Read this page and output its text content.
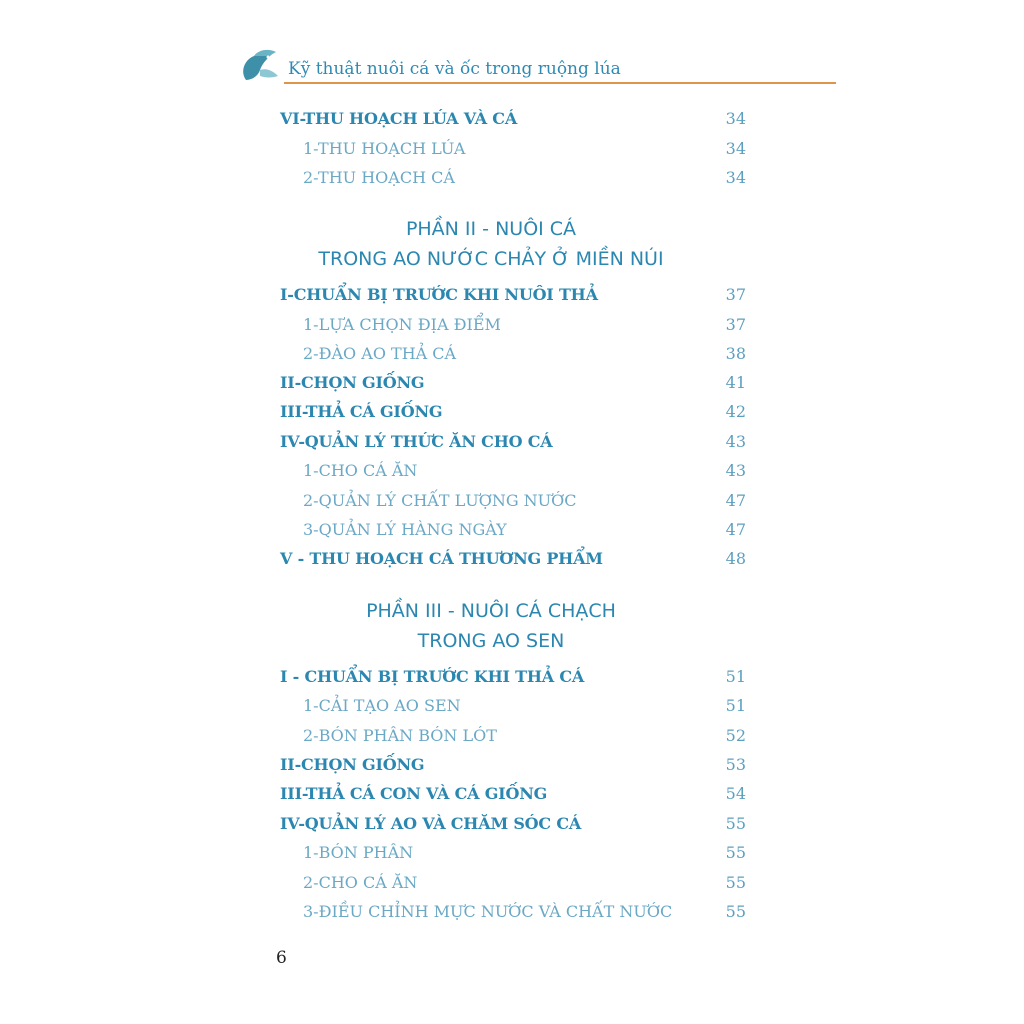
Kỹ thuật nuôi cá và ốc trong ruộng lúa
VI-THU HOẠCH LÚA VÀ CÁ	34
1-THU HOẠCH LÚA	34
2-THU HOẠCH CÁ	34
I-CHUẨN BỊ TRƯỚC KHI NUÔI THẢ	37
1-LỰA CHỌN ĐỊA ĐIỂM	37
2-ĐÀO AO THẢ CÁ	38
II-CHỌN GIỐNG	41
III-THẢ CÁ GIỐNG	42
IV-QUẢN LÝ THỨC ĂN CHO CÁ	43
1-CHO CÁ ĂN	43
2-QUẢN LÝ CHẤT LƯỢNG NƯỚC	47
3-QUẢN LÝ HÀNG NGÀY	47
V - THU HOẠCH CÁ THƯƠNG PHẨM	48
I - CHUẨN BỊ TRƯỚC KHI THẢ CÁ	51
1-CẢI TẠO AO SEN	51
2-BÓN PHÂN BÓN LÓT	52
II-CHỌN GIỐNG	53
III-THẢ CÁ CON VÀ CÁ GIỐNG	54
IV-QUẢN LÝ AO VÀ CHĂM SÓC CÁ	55
1-BÓN PHÂN	55
2-CHO CÁ ĂN	55
3-ĐIỀU CHỈNH MỰC NƯỚC VÀ CHẤT NƯỚC	55
PHẦN II - NUÔI CÁ
TRONG AO NƯỚC CHẢY Ở MIỀN NÚI
PHẦN III - NUÔI CÁ CHẠCH
TRONG AO SEN
6
